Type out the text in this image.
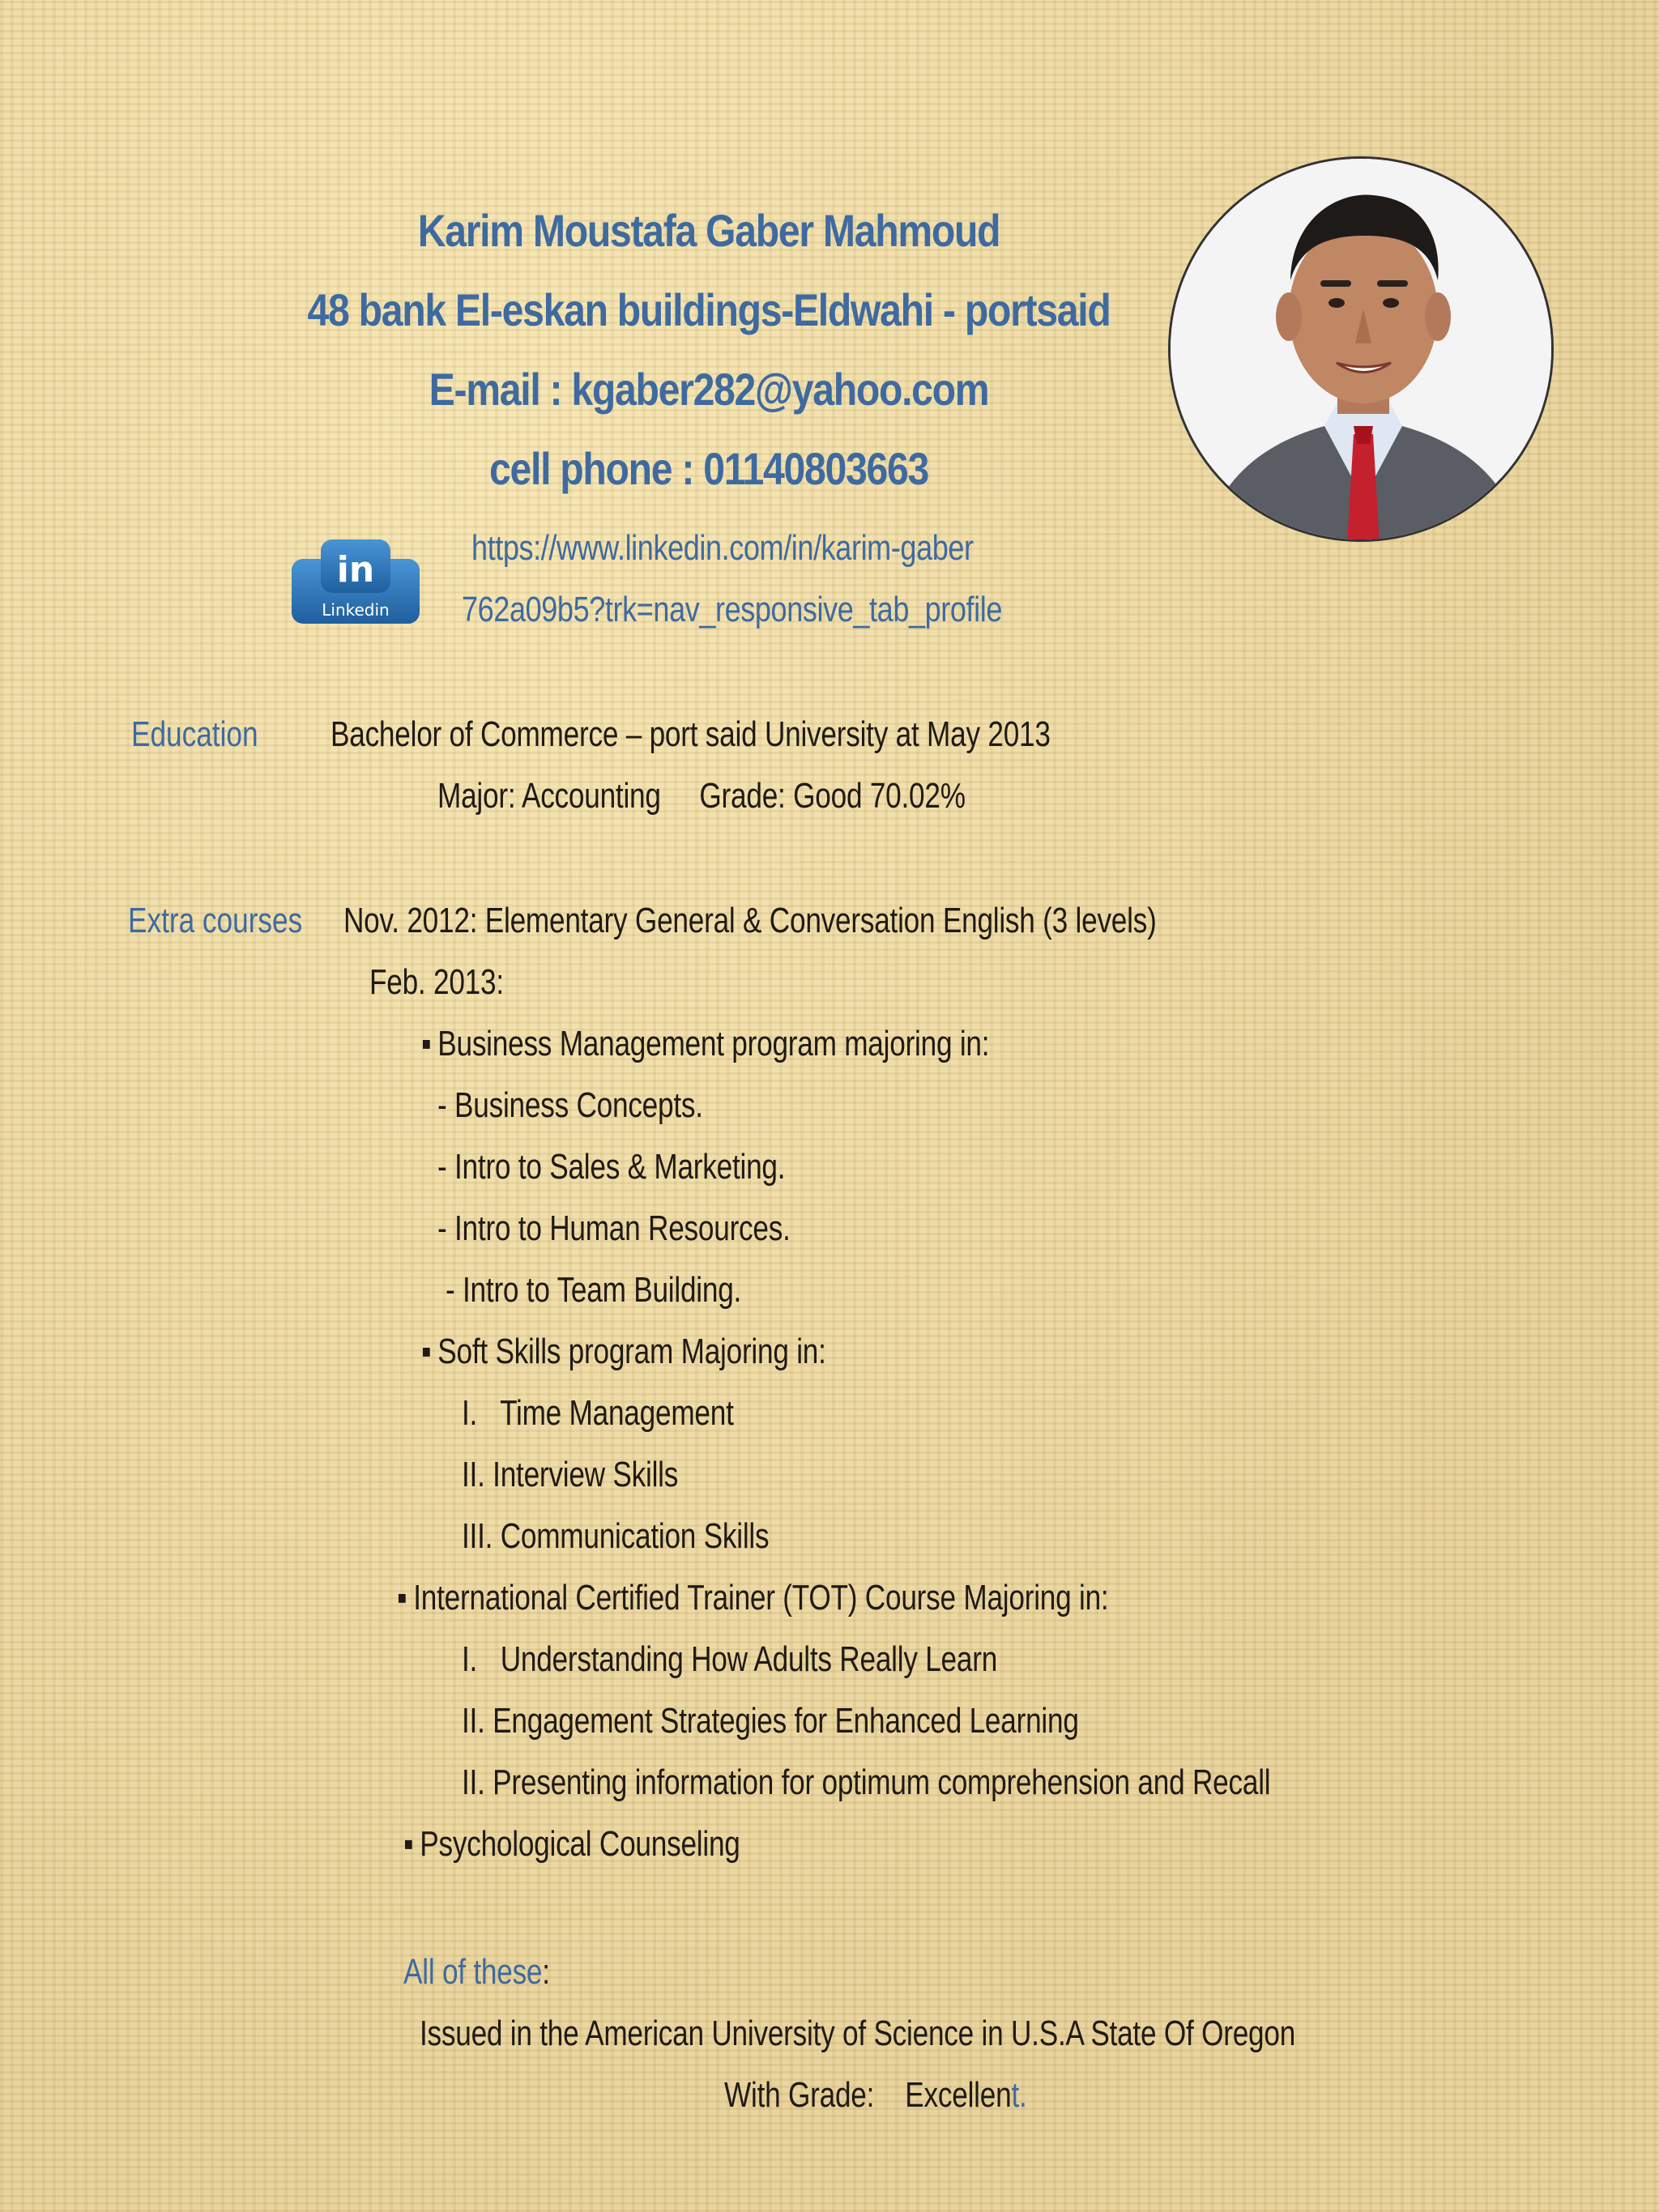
Karim Moustafa Gaber Mahmoud
48 bank El-eskan buildings-Eldwahi - portsaid
E-mail : kgaber282@yahoo.com
cell phone : 01140803663
in
Linkedin
https://www.linkedin.com/in/karim-gaber
762a09b5?trk=nav_responsive_tab_profile
Education Bachelor of Commerce – port said University at May 2013
Major: Accounting     Grade: Good 70.02%
Extra courses Nov. 2012: Elementary General & Conversation English (3 levels)
Feb. 2013:
▪ Business Management program majoring in:
- Business Concepts.
- Intro to Sales & Marketing.
- Intro to Human Resources.
- Intro to Team Building.
▪ Soft Skills program Majoring in:
I.   Time Management
II. Interview Skills
III. Communication Skills
▪ International Certified Trainer (TOT) Course Majoring in:
I.   Understanding How Adults Really Learn
II. Engagement Strategies for Enhanced Learning
II. Presenting information for optimum comprehension and Recall
▪ Psychological Counseling
All of these:
Issued in the American University of Science in U.S.A State Of Oregon
With Grade:    Excellent.
